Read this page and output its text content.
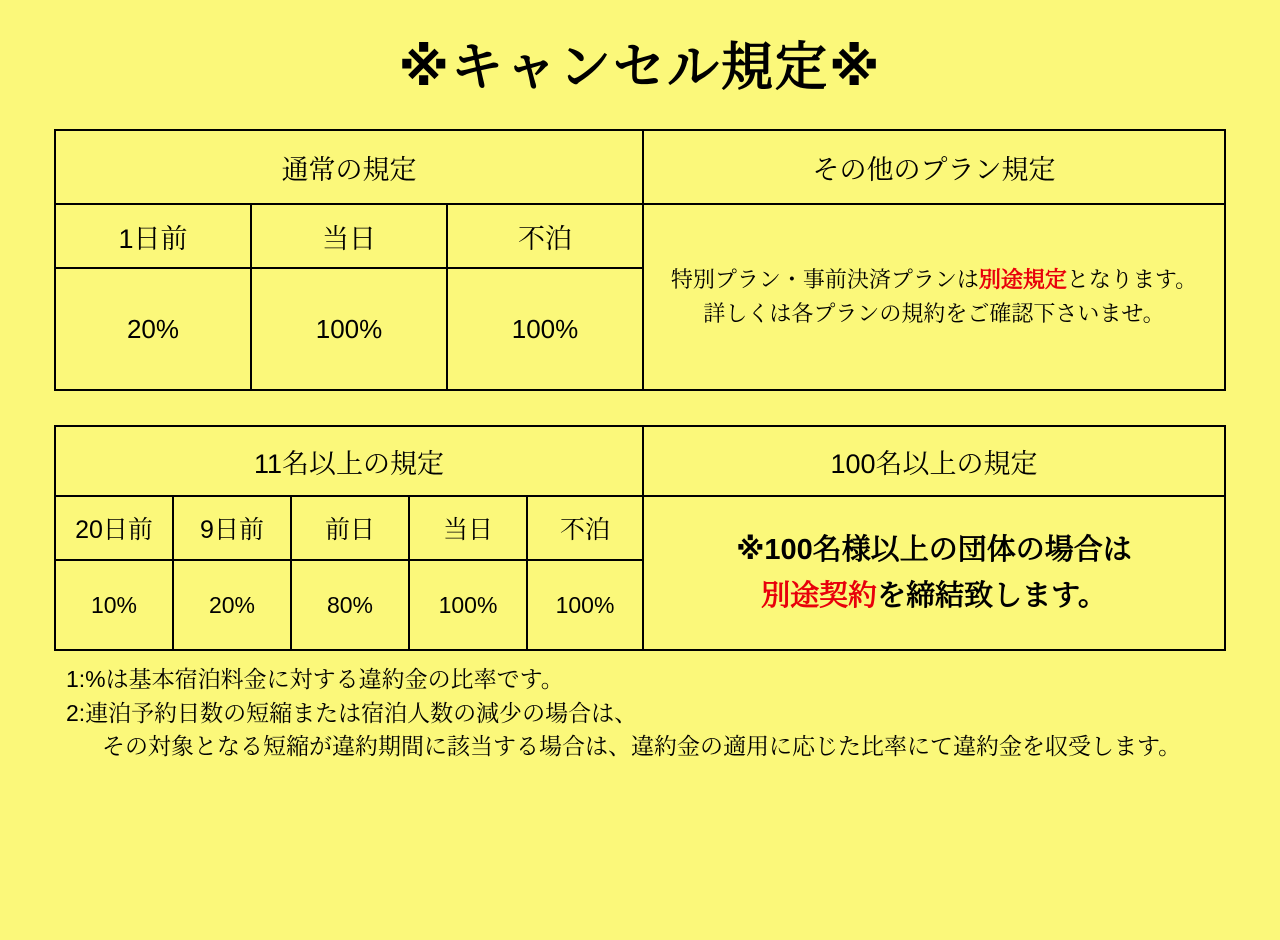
※キャンセル規定※
通常の規定			その他のプラン規定
1日前	当日	不泊	特別プラン・事前決済プランは別途規定となります。
詳しくは各プランの規約をご確認下さいませ。

20%	100%	100%	
11名以上の規定					100名以上の規定
20日前	9日前	前日	当日	不泊	※100名様以上の団体の場合は
別途契約を締結致します。

10%	20%	80%	100%	100%	
1:%は基本宿泊料金に対する違約金の比率です。
2:連泊予約日数の短縮または宿泊人数の減少の場合は、
その対象となる短縮が違約期間に該当する場合は、違約金の適用に応じた比率にて違約金を収受します。
